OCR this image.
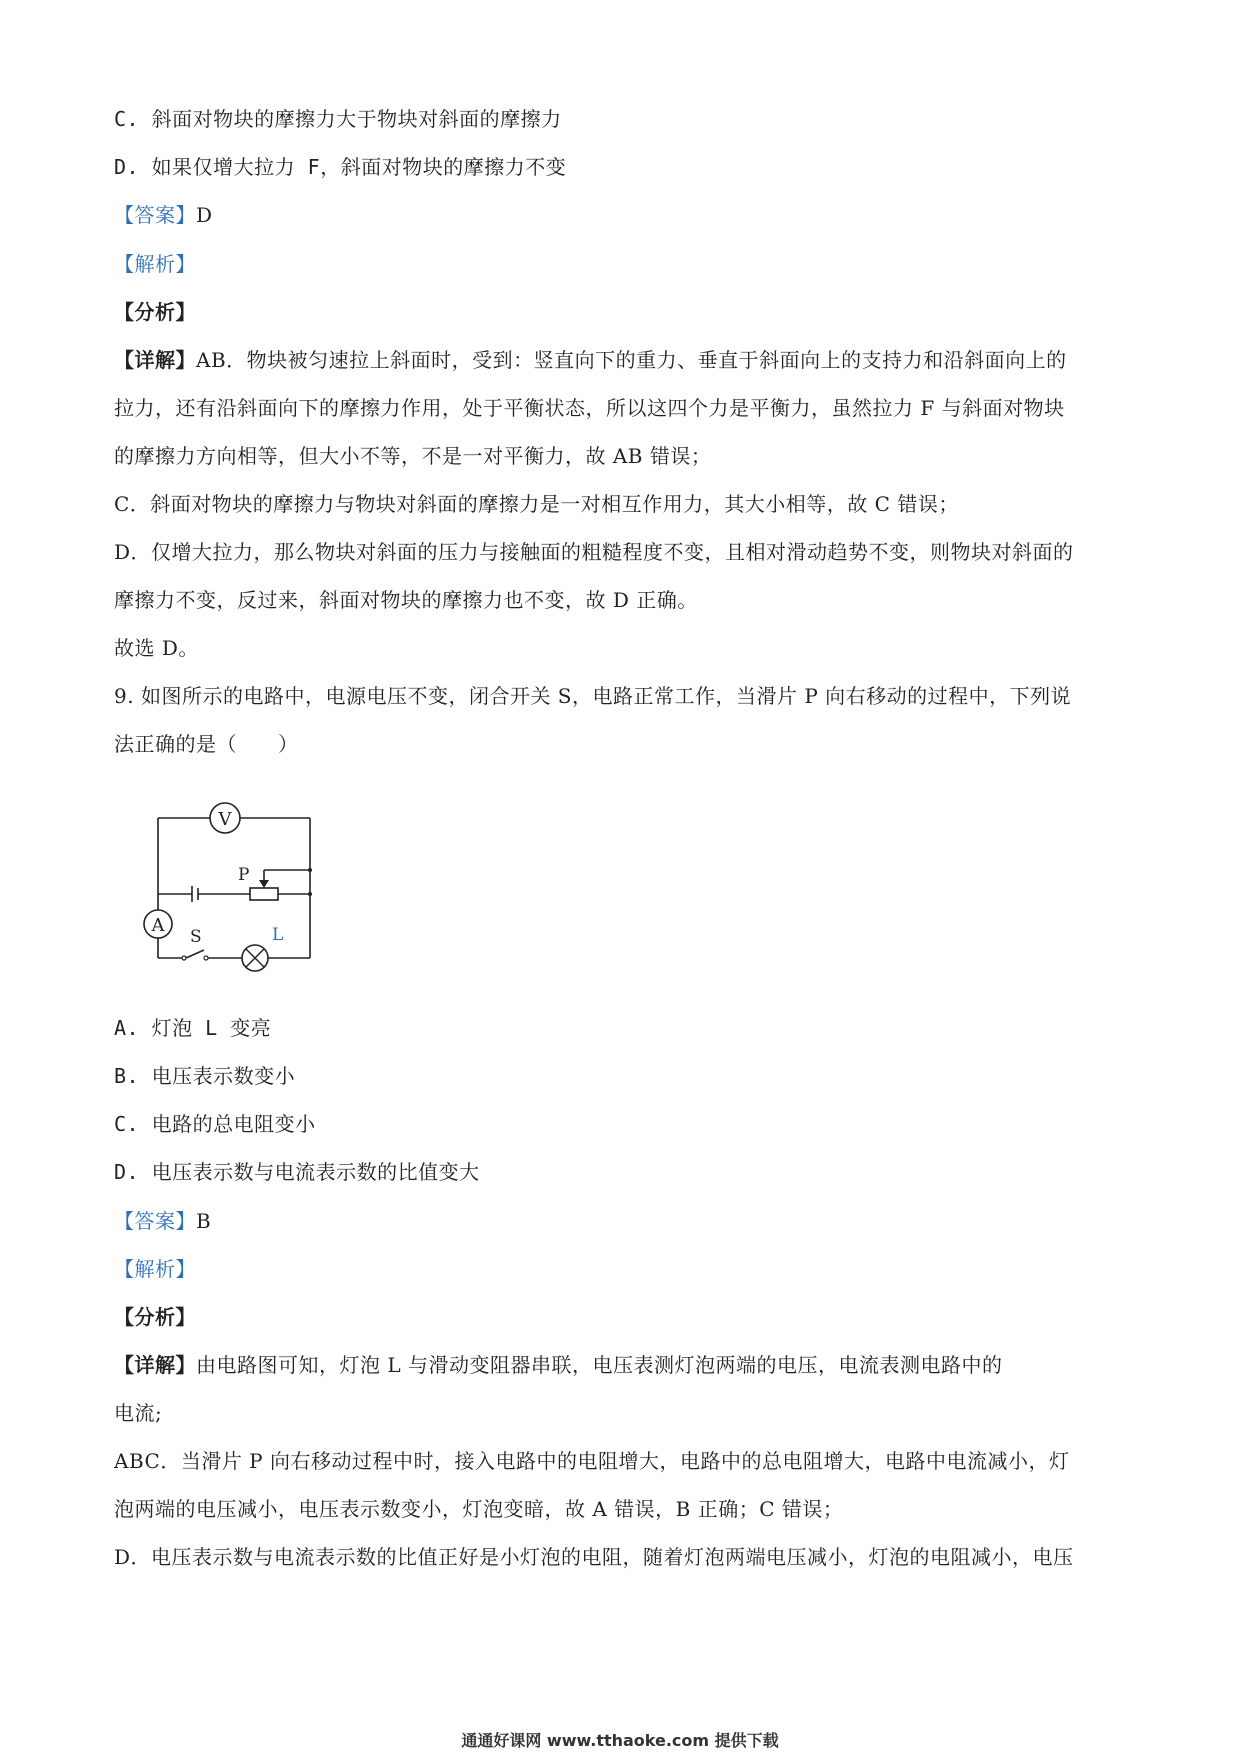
C. 斜面对物块的摩擦力大于物块对斜面的摩擦力
D. 如果仅增大拉力 F，斜面对物块的摩擦力不变
【答案】D
【解析】
【分析】
【详解】AB．物块被匀速拉上斜面时，受到：竖直向下的重力、垂直于斜面向上的支持力和沿斜面向上的
拉力，还有沿斜面向下的摩擦力作用，处于平衡状态，所以这四个力是平衡力，虽然拉力 F 与斜面对物块
的摩擦力方向相等，但大小不等，不是一对平衡力，故 AB 错误；
C．斜面对物块的摩擦力与物块对斜面的摩擦力是一对相互作用力，其大小相等，故 C 错误；
D．仅增大拉力，那么物块对斜面的压力与接触面的粗糙程度不变，且相对滑动趋势不变，则物块对斜面的
摩擦力不变，反过来，斜面对物块的摩擦力也不变，故 D 正确。
故选 D。
9. 如图所示的电路中，电源电压不变，闭合开关 S，电路正常工作，当滑片 P 向右移动的过程中，下列说
法正确的是（　　）
V
A
P
S	L
A. 灯泡 L 变亮
B. 电压表示数变小
C. 电路的总电阻变小
D. 电压表示数与电流表示数的比值变大
【答案】B
【解析】
【分析】
【详解】由电路图可知，灯泡 L 与滑动变阻器串联，电压表测灯泡两端的电压，电流表测电路中的
电流;
ABC．当滑片 P 向右移动过程中时，接入电路中的电阻增大，电路中的总电阻增大，电路中电流减小，灯
泡两端的电压减小，电压表示数变小，灯泡变暗，故 A 错误，B 正确；C 错误；
D．电压表示数与电流表示数的比值正好是小灯泡的电阻，随着灯泡两端电压减小，灯泡的电阻减小，电压
通通好课网 www.tthaoke.com 提供下载
